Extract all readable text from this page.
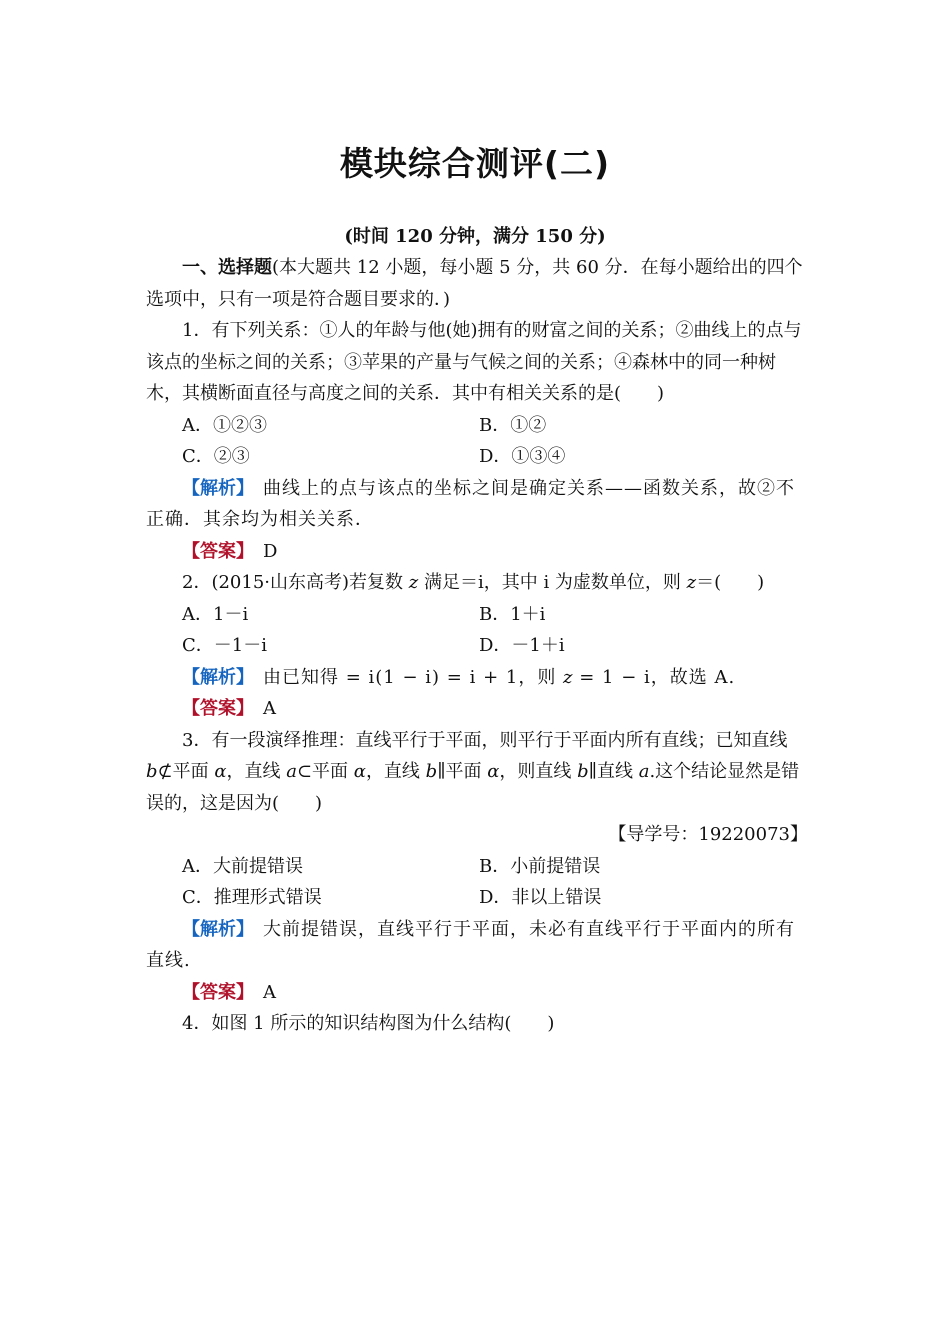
模块综合测评(二)
(时间 120 分钟，满分 150 分)

一、选择题(本大题共 12 小题，每小题 5 分，共 60 分．在每小题给出的四个选项中，只有一项是符合题目要求的．)

1．有下列关系：①人的年龄与他(她)拥有的财富之间的关系；②曲线上的点与该点的坐标之间的关系；③苹果的产量与气候之间的关系；④森林中的同一种树木，其横断面直径与高度之间的关系．其中有相关关系的是(　　)

A．①②③	B．①②
C．②③	D．①③④

【解析】　 曲线上的点与该点的坐标之间是确定关系——函数关系，故②不正确．其余均为相关关系．

【答案】　 D

2．(2015·山东高考)若复数 z 满足＝i，其中 i 为虚数单位，则 z＝(　　)

A．1－i	B．1＋i
C．－1－i	D．－1＋i

【解析】　 由已知得 = i(1 − i) = i + 1，则 z = 1 − i，故选 A.

【答案】　 A

3．有一段演绎推理：直线平行于平面，则平行于平面内所有直线；已知直线b⊄平面 α，直线 a⊂平面 α，直线 b∥平面 α，则直线 b∥直线 a.这个结论显然是错误的，这是因为(　　)

【导学号：19220073】

A．大前提错误	B．小前提错误
C．推理形式错误	D．非以上错误

【解析】　 大前提错误，直线平行于平面，未必有直线平行于平面内的所有直线.

【答案】　 A

4．如图 1 所示的知识结构图为什么结构(　　)
